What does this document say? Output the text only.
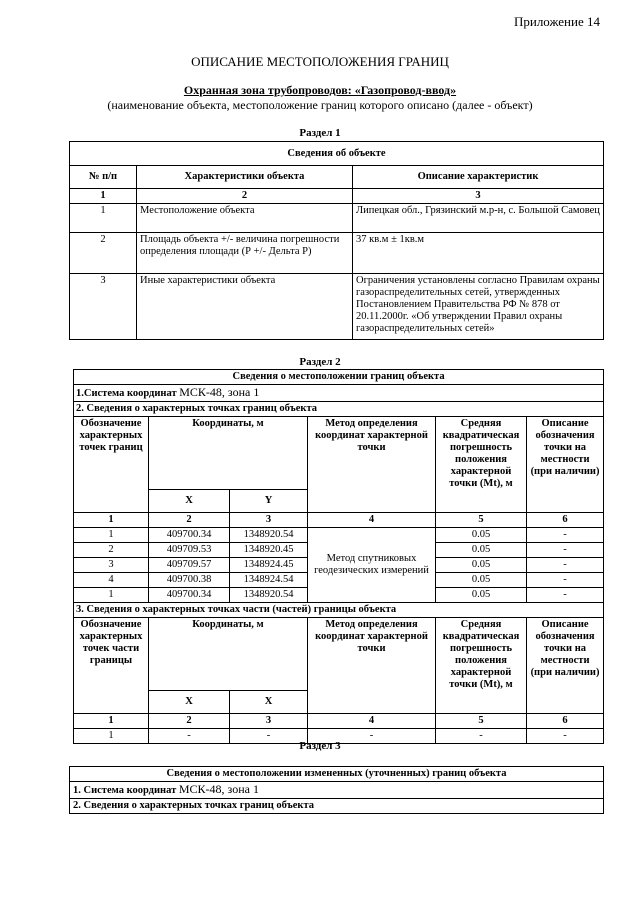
Приложение 14
ОПИСАНИЕ МЕСТОПОЛОЖЕНИЯ ГРАНИЦ
Охранная зона трубопроводов: «Газопровод-ввод»
(наименование объекта, местоположение границ которого описано (далее - объект)
Раздел 1
Сведения об объекте		
№ п/п	Характеристики объекта	Описание характеристик
1	2	3
1	Местоположение объекта	Липецкая обл., Грязинский м.р-н, с. Большой Самовец
2	Площадь объекта +/- величина погрешности определения площади (Р +/- Дельта Р)	37 кв.м ± 1кв.м
3	Иные характеристики объекта	Ограничения установлены согласно Правилам охраны газораспределительных сетей, утвержденных Постановлением Правительства РФ № 878 от 20.11.2000г. «Об утверждении Правил охраны газораспределительных сетей»
Раздел 2
Сведения о местоположении границ объекта					
1.Система координат МСК-48, зона 1					
2. Сведения о характерных точках границ объекта					
Обозначение характерных точек границ	Координаты, м		Метод определения координат характерной точки	Средняя квадратическая погрешность положения характерной точки (Mt), м	Описание обозначения точки на местности (при наличии)
	X	Y			
1	2	3	4	5	6
1	409700.34	1348920.54	Метод спутниковых геодезических измерений	0.05	-
2	409709.53	1348920.45		0.05	-
3	409709.57	1348924.45		0.05	-
4	409700.38	1348924.54		0.05	-
1	409700.34	1348920.54		0.05	-
3. Сведения о характерных точках части (частей) границы объекта					
Обозначение характерных точек части границы	Координаты, м		Метод определения координат характерной точки	Средняя квадратическая погрешность положения характерной точки (Mt), м	Описание обозначения точки на местности (при наличии)
	X	X			
1	2	3	4	5	6
1	-	-	-	-	-
Раздел 3
Сведения о местоположении измененных (уточненных) границ объекта
1. Система координат МСК-48, зона 1
2. Сведения о характерных точках границ объекта
